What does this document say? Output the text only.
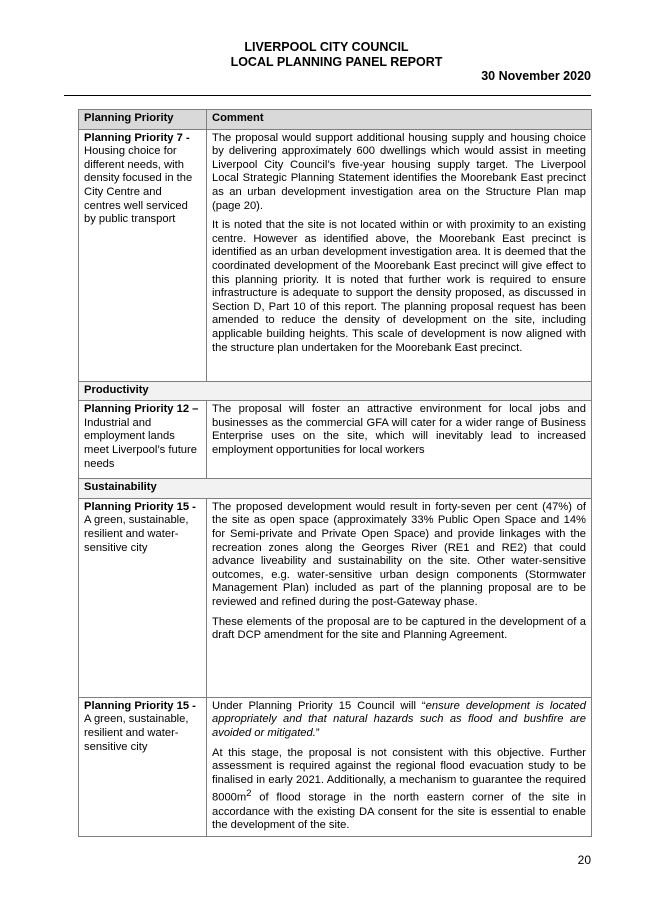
LIVERPOOL CITY COUNCIL
LOCAL PLANNING PANEL REPORT
30 November 2020
Planning Priority	Comment
Planning Priority 7 - Housing choice for different needs, with density focused in the City Centre and centres well serviced by public transport	The proposal would support additional housing supply and housing choice by delivering approximately 600 dwellings which would assist in meeting Liverpool City Council’s five-year housing supply target. The Liverpool Local Strategic Planning Statement identifies the Moorebank East precinct as an urban development investigation area on the Structure Plan map (page 20).

It is noted that the site is not located within or with proximity to an existing centre. However as identified above, the Moorebank East precinct is identified as an urban development investigation area. It is deemed that the coordinated development of the Moorebank East precinct will give effect to this planning priority. It is noted that further work is required to ensure infrastructure is adequate to support the density proposed, as discussed in Section D, Part 10 of this report. The planning proposal request has been amended to reduce the density of development on the site, including applicable building heights. This scale of development is now aligned with the structure plan undertaken for the Moorebank East precinct.

Productivity	
Planning Priority 12 – Industrial and employment lands meet Liverpool’s future needs	The proposal will foster an attractive environment for local jobs and businesses as the commercial GFA will cater for a wider range of Business Enterprise uses on the site, which will inevitably lead to increased employment opportunities for local workers

Sustainability	
Planning Priority 15 - A green, sustainable, resilient and water-sensitive city	The proposed development would result in forty-seven per cent (47%) of the site as open space (approximately 33% Public Open Space and 14% for Semi-private and Private Open Space) and provide linkages with the recreation zones along the Georges River (RE1 and RE2) that could advance liveability and sustainability on the site. Other water-sensitive outcomes, e.g. water-sensitive urban design components (Stormwater Management Plan) included as part of the planning proposal are to be reviewed and refined during the post-Gateway phase.

These elements of the proposal are to be captured in the development of a draft DCP amendment for the site and Planning Agreement.

Planning Priority 15 - A green, sustainable, resilient and water-sensitive city	Under Planning Priority 15 Council will “ensure development is located appropriately and that natural hazards such as flood and bushfire are avoided or mitigated.”

At this stage, the proposal is not consistent with this objective. Further assessment is required against the regional flood evacuation study to be finalised in early 2021. Additionally, a mechanism to guarantee the required $8000m^2$ of flood storage in the north eastern corner of the site in accordance with the existing DA consent for the site is essential to enable the development of the site.

20
